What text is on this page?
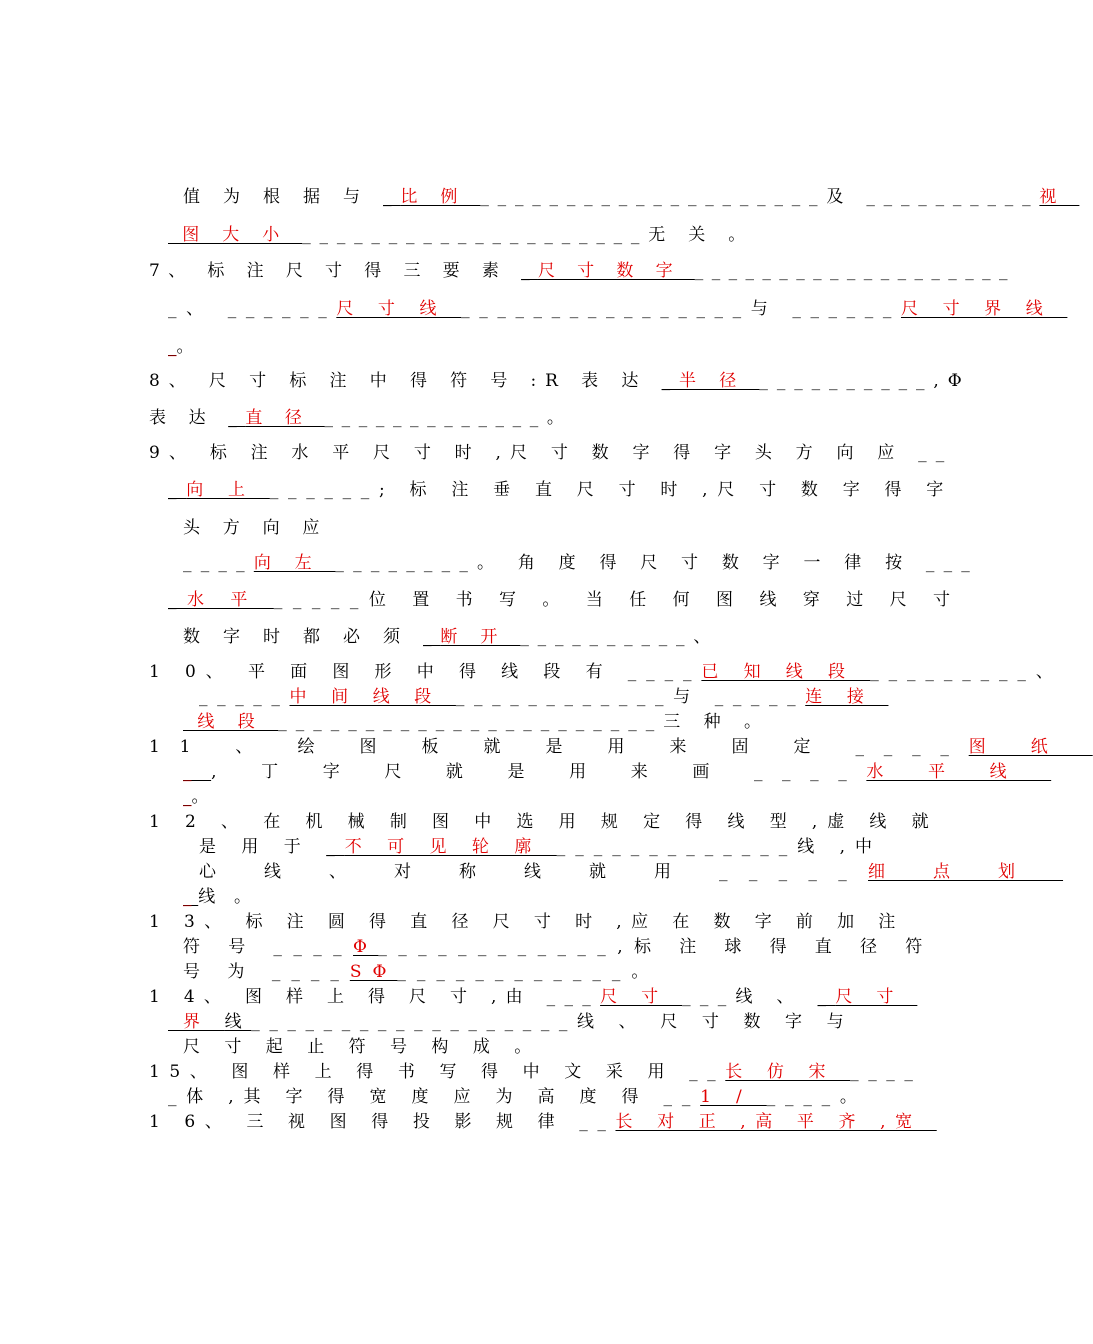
值 为 根 据 与 _比 例 ____________________及 __________视
图 大 小 ____________________无 关 。
7、 标 注 尺 寸 得 三 要 素 _尺 寸 数 字 ___________________
_、 ______尺 寸 线 ________________与 ______尺 寸 界 线
_。
8、 尺 寸 标 注 中 得 符 号 :R 表 达 _半 径 __________,Φ
表 达 _直 径 _____________。
9、 标 注 水 平 尺 寸 时 ,尺 寸 数 字 得 字 头 方 向 应 __
_向 上 ______; 标 注 垂 直 尺 寸 时 ,尺 寸 数 字 得 字
头 方 向 应
____向 左 ________。 角 度 得 尺 寸 数 字 一 律 按 ___
_水 平 _____位 置 书 写 。 当 任 何 图 线 穿 过 尺 寸
数 字 时 都 必 须 _断 开 __________、
1 0、 平 面 图 形 中 得 线 段 有 ____已 知 线 段 _________、
_____中 间 线 段 ____________与 _____连 接
线 段 ______________________三 种 。
11 、 绘 图 板 就 是 用 来 固 定 ____图 纸
_, 丁 字 尺 就 是 用 来 画 ____水 平 线
_。
1 2 、 在 机 械 制 图 中 选 用 规 定 得 线 型 ,虚 线 就
是 用 于 _不 可 见 轮 廓 _____________线 ,中
心 线 、 对 称 线 就 用 _____细 点 划
_线 。
1 3、 标 注 圆 得 直 径 尺 寸 时 ,应 在 数 字 前 加 注
符 号 ____Φ____________,标 注 球 得 直 径 符
号 为 ____SΦ____________。
1 4、 图 样 上 得 尺 寸 ,由 ___尺 寸 ___线 、 _尺 寸
界 线__________________线 、 尺 寸 数 字 与
尺 寸 起 止 符 号 构 成 。
15、 图 样 上 得 书 写 得 中 文 采 用 __长 仿 宋 ____
_体 ,其 字 得 宽 度 应 为 高 度 得 __1 / ____。
1 6、 三 视 图 得 投 影 规 律 __长 对 正 ,高 平 齐 ,宽
